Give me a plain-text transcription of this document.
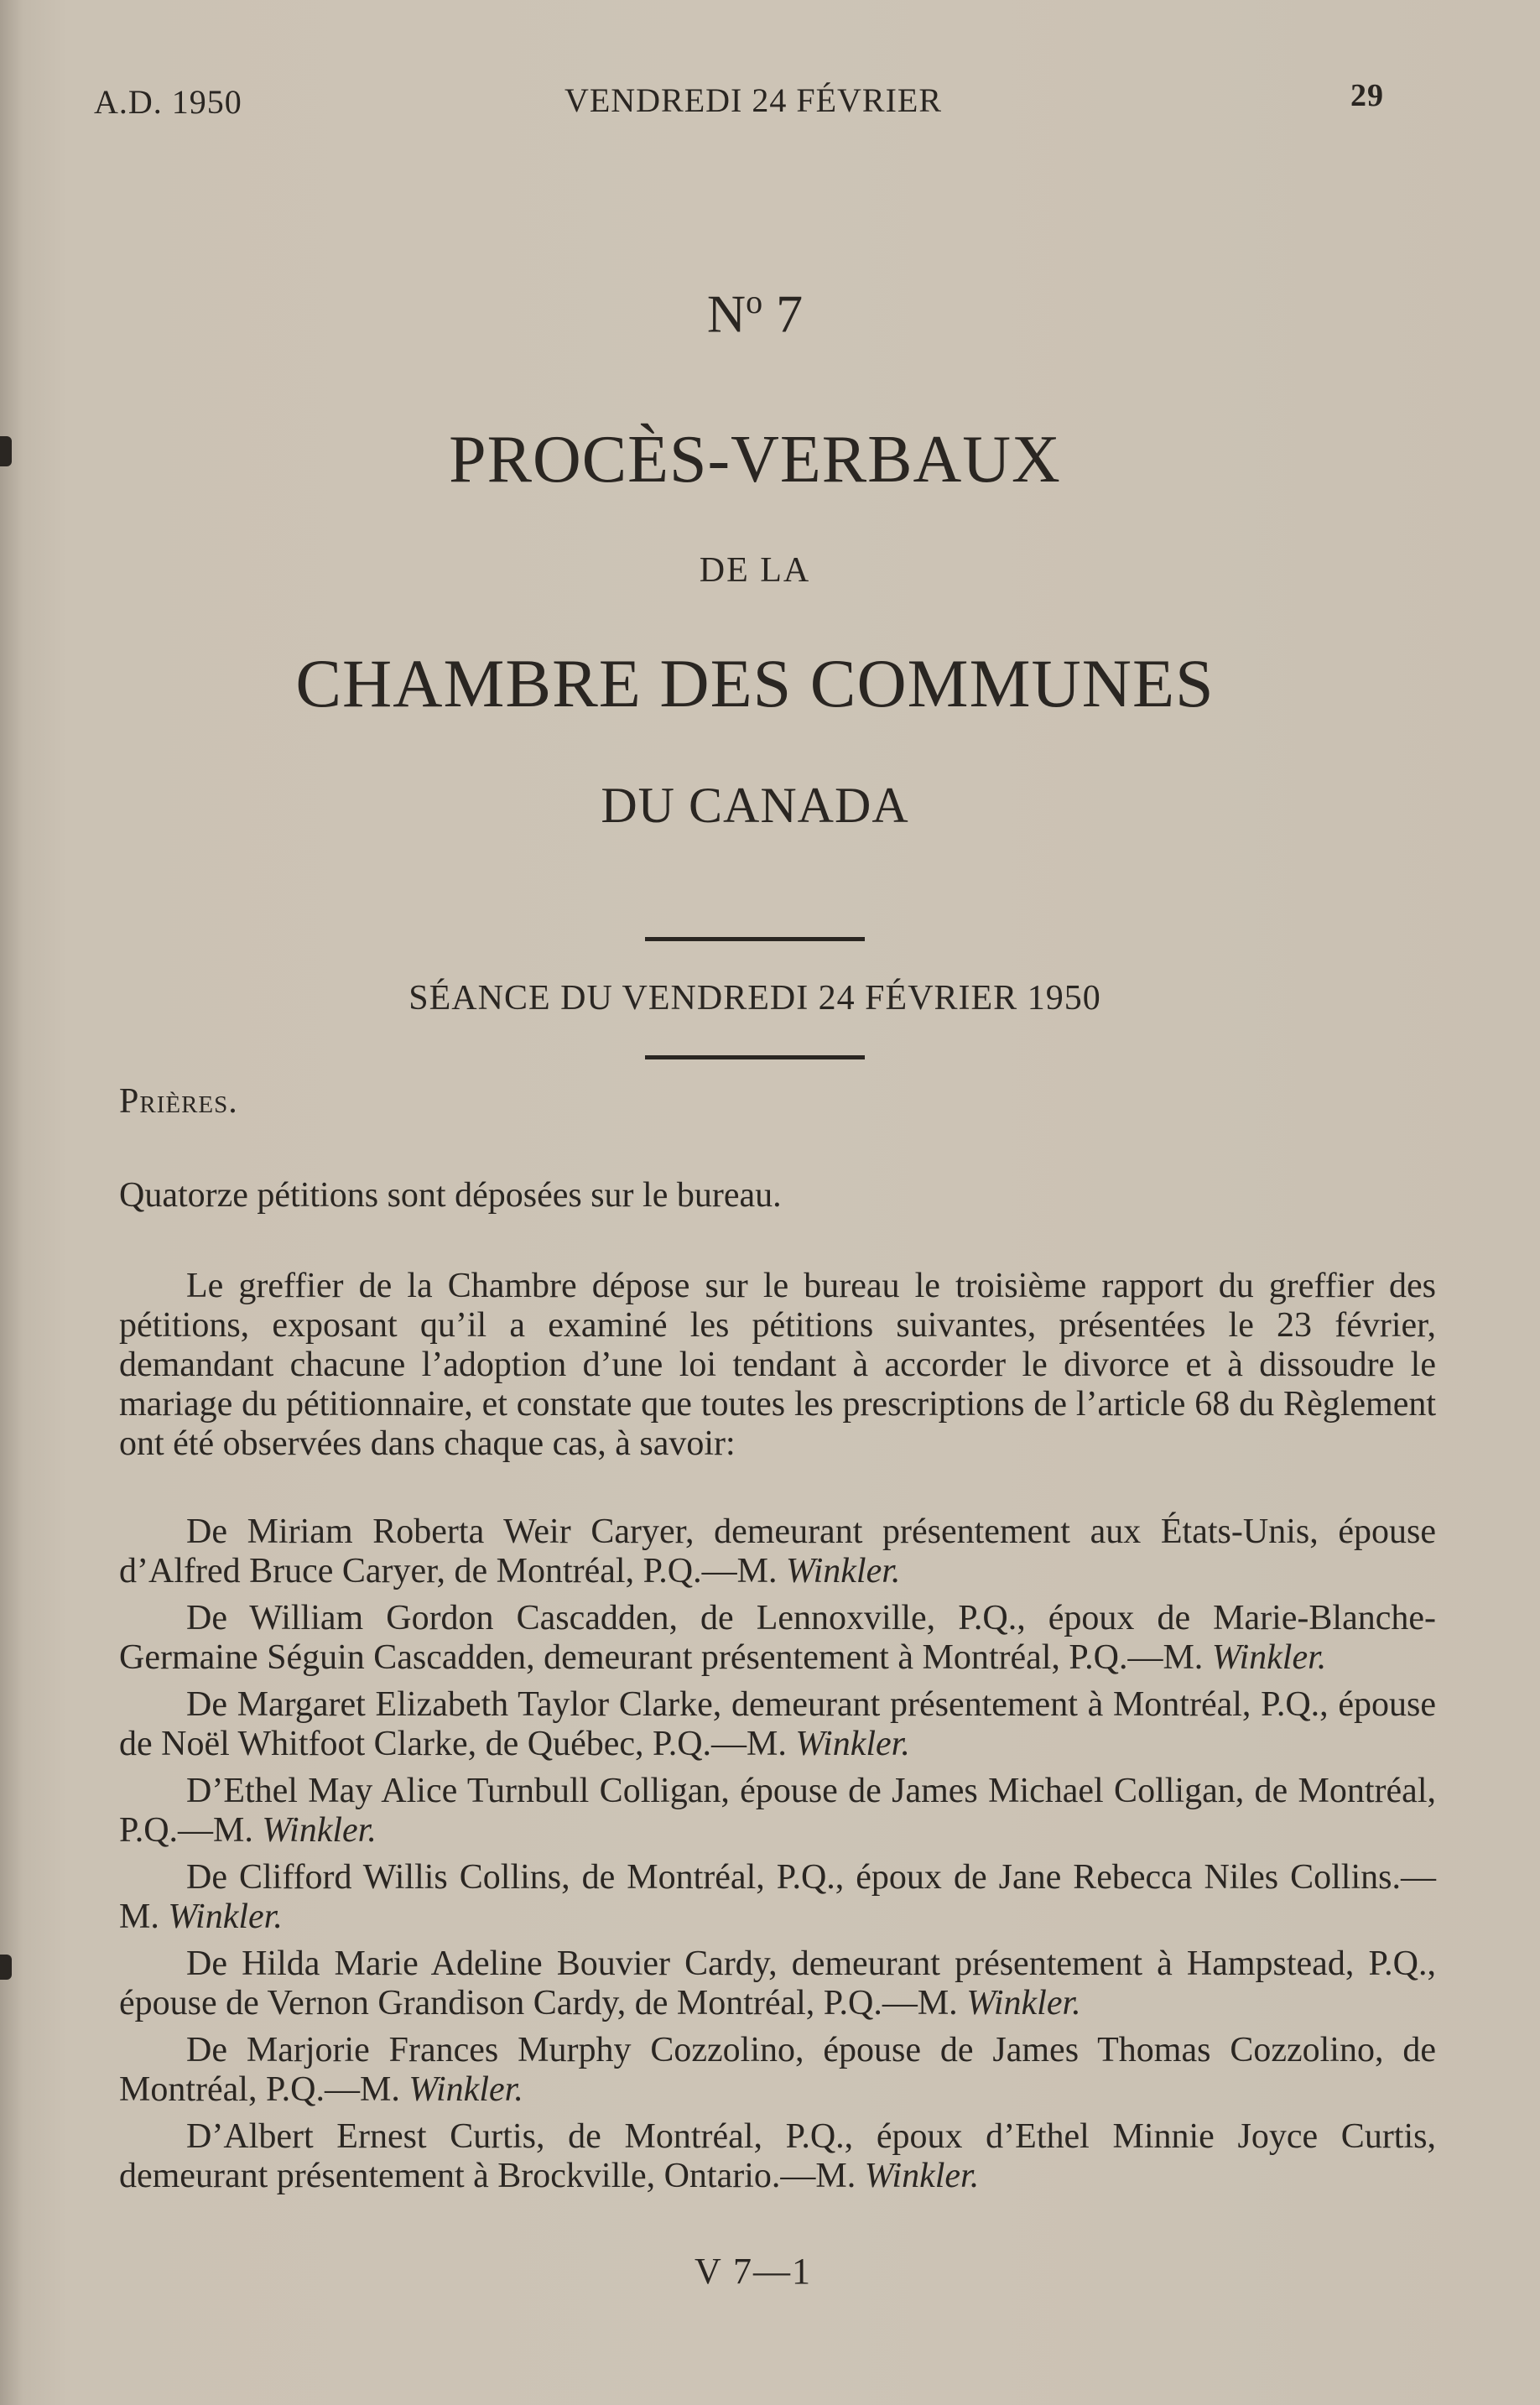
A.D. 1950	VENDREDI 24 FÉVRIER	29
$N^o$ 7
PROCÈS-VERBAUX
DE LA
CHAMBRE DES COMMUNES
DU CANADA
SÉANCE DU VENDREDI 24 FÉVRIER 1950
Prières.
Quatorze pétitions sont déposées sur le bureau.

Le greffier de la Chambre dépose sur le bureau le troisième rapport du greffier des pétitions, exposant qu’il a examiné les pétitions suivantes, présentées le 23 février, demandant chacune l’adoption d’une loi tendant à accorder le divorce et à dissoudre le mariage du pétitionnaire, et constate que toutes les prescriptions de l’article 68 du Règlement ont été observées dans chaque cas, à savoir:

De Miriam Roberta Weir Caryer, demeurant présentement aux États-Unis, épouse d’Alfred Bruce Caryer, de Montréal, P.Q.—M. Winkler.

De William Gordon Cascadden, de Lennoxville, P.Q., époux de Marie-Blanche-Germaine Séguin Cascadden, demeurant présentement à Montréal, P.Q.—M. Winkler.

De Margaret Elizabeth Taylor Clarke, demeurant présentement à Montréal, P.Q., épouse de Noël Whitfoot Clarke, de Québec, P.Q.—M. Winkler.

D’Ethel May Alice Turnbull Colligan, épouse de James Michael Colligan, de Montréal, P.Q.—M. Winkler.

De Clifford Willis Collins, de Montréal, P.Q., époux de Jane Rebecca Niles Collins.—M. Winkler.

De Hilda Marie Adeline Bouvier Cardy, demeurant présentement à Hampstead, P.Q., épouse de Vernon Grandison Cardy, de Montréal, P.Q.—M. Winkler.

De Marjorie Frances Murphy Cozzolino, épouse de James Thomas Cozzolino, de Montréal, P.Q.—M. Winkler.

D’Albert Ernest Curtis, de Montréal, P.Q., époux d’Ethel Minnie Joyce Curtis, demeurant présentement à Brockville, Ontario.—M. Winkler.

V 7—1
